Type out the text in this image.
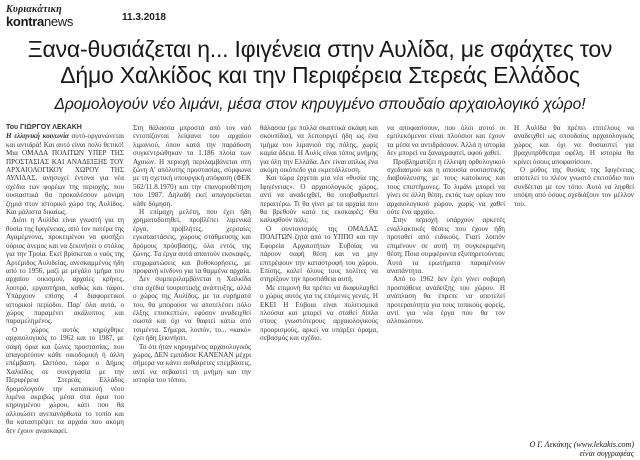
Κυριακάτικη
kontranews	11.3.2018
Ξανα-θυσιάζεται η... Ιφιγένεια στην Αυλίδα, με σφάχτες τον Δήμο Χαλκίδος και την Περιφέρεια Στερεάς Ελλάδος
Δρομολογούν νέο λιμάνι, μέσα στον κηρυγμένο σπουδαίο αρχαιολογικό χώρο!

Του ΓΙΩΡΓΟΥ ΛΕΚΑΚΗ

Η ελληνική κοινωνία αυτό-οργανώνεται και αντιδρά! Και αυτό είναι πολύ θετικό! Μια ΟΜΑΔΑ ΠΟΛΙΤΩΝ ΥΠΕΡ ΤΗΣ ΠΡΟΣΤΑΣΙΑΣ ΚΑΙ ΑΝΑΔΕΙΞΗΣ ΤΟΥ ΑΡΧΑΙΟΛΟΓΙΚΟΥ ΧΩΡΟΥ ΤΗΣ ΑΥΛΙΔΑΣ, ανησυχεί έντονα για νέα σχέδια των φορέων της περιοχής, που ουσιαστικά θα προκαλέσουν μόνιμη ζημιά στον ιστορικό χώρο της Αυλίδος. Και μάλιστα δικαίως.

Διότι η Αυλίδα είναι γνωστή για τη θυσία της Ιφιγένειας, από τον πατέρα της Αγαμέμνονα, προκειμένου να φυσήξει ούριος άνεμος και να ξεκινήσει ο στόλος για την Τροία. Εκεί βρίσκεται ο ναός της Αρτέμιδος Αυλιδείας, ανεσκαμμένος ήδη από το 1956, μαζί με μεγάλο τμήμα του αρχαίου οικισμού, αρχαίες κρήνες, λουτρά, εργαστήρια, καθώς και τάφοι. Υπάρχουν επίσης 4 διαφορετικοί ιστορικοί περίοδοι. Παρ' όλα αυτά, ο χώρος παραμένει ακάλυπτος και παραμελημένος.

Ο χώρος αυτός κηρύχθηκε αρχαιολογικός το 1962 και το 1987, με σαφή όρια και ζώνες προστασίας, που απαγορεύουν κάθε οικοδομική ή άλλη επέμβαση. Ωστόσο, τώρα ο Δήμος Χαλκίδος σε συνεργασία με την Περιφέρεια Στερεάς Ελλάδος δρομολογούν την κατασκευή νέου λιμένα ακριβώς μέσα στα όρια του κηρυγμένου χώρου, κάτι που θα αλλοιώσει ανεπανόρθωτα το τοπίο και θα καταστρέψει τα αρχαία που ακόμη δεν έχουν ανασκαφεί.

Στη θάλασσα μπροστά από τον ναό εντοπίζονται λείψανα του αρχαίου λιμανιού, όπου κατά την παράδοση συγκεντρώθηκαν τα 1.186 πλοία των Αχαιών. Η περιοχή περιλαμβάνεται στη ζώνη Α' απόλυτης προστασίας, σύμφωνα με τη σχετική υπουργική απόφαση (ΦΕΚ 562/11.8.1970) και την επανοριοθέτηση του 1987. Δηλαδή εκεί απαγορεύεται κάθε δόμηση.

Η επίμαχη μελέτη, που έχει ήδη χρηματοδοτηθεί, προβλέπει λιμενικά έργα, προβλήτες, χερσαίες εγκαταστάσεις, χώρους στάθμευσης και δρόμους πρόσβασης, όλα εντός της ζώνης. Τα έργα αυτά απαιτούν εκσκαφές, επιχωματώσεις και βυθοκορήσεις, με προφανή κίνδυνο για τα θαμμένα αρχαία.

Δεν συμπεριλαμβάνεται η Χαλκίδα στα σχέδια τουριστικής ανάπτυξης, αλλά ο χώρος της Αυλίδος, με τα ευρήματά του, θα μπορούσε να αποτελέσει πόλο έλξης επισκεπτών, εφόσον αναδειχθεί σωστά και όχι να θαφτεί κάτω από τσιμέντα. Σήμερα, λοιπόν, το... «κακό» έχει ήδη ξεκινήσει.

Το ότι ήταν κηρυγμένος αρχαιολογικός χώρος, ΔΕΝ εμπόδισε ΚΑΝΕΝΑΝ μέχρι σήμερα να κάνει αυθαίρετες επεμβάσεις, αντί να σεβαστεί τη μνήμη και την ιστορία του τόπου.

θάλασσα (με πολλά σκαπτικά σκάφη και σκουπίδια), να λειτουργεί ήδη ως ένα τμήμα του λιμανιού της πόλης, χωρίς καμία άδεια. Η Αυλίς είναι τόπος μνήμης για όλη την Ελλάδα. Δεν είναι απλώς ένα ακόμη οικόπεδο για εκμετάλλευση.

Και τώρα έρχεται μια νέα «θυσία της Ιφιγένειας». Ο αρχαιολογικός χώρος, αντί να αναδειχθεί, θα υποβαθμιστεί περαιτέρω. Τι θα γίνει με τα αρχαία που θα βρεθούν κατά τις εκσκαφές; Θα καλυφθούν πάλι;

Ο συντονισμός της ΟΜΑΔΑΣ ΠΟΛΙΤΩΝ ζητά από το ΥΠΠΟ και την Εφορεία Αρχαιοτήτων Ευβοίας να πάρουν σαφή θέση και να μην επιτρέψουν την καταστροφή του χώρου. Επίσης, καλεί όλους τους πολίτες να στηρίξουν την προσπάθεια αυτή.

Με επιμονή θα πρέπει να διαφυλαχθεί ο χώρος αυτός για τις επόμενες γενιές. Η ΕΚΕΙ Η Εύβοια είναι πολιτισμικά πλούσια και μπορεί να σταθεί δίπλα στους γνωστότερους αρχαιολογικούς προορισμούς, αρκεί να υπάρξει όραμα, σεβασμός και σχέδιο.

να αποφασίσουν, που όλοι αυτοί οι εμπλεκόμενοι είναι πλούσιοι και έχουν τα μέσα να αντιδράσουν. Αλλά η ιστορία δεν μπορεί να ξαναγραφτεί, αφού χαθεί.

Προβληματίζει η έλλειψη ορθολογικού σχεδιασμού και η απουσία ουσιαστικής διαβούλευσης με τους κατοίκους και τους επιστήμονες. Το λιμάνι μπορεί να γίνει σε άλλη θέση, εκτός των ορίων του αρχαιολογικού χώρου, χωρίς να χαθεί ούτε ένα αρχαίο.

Στην περιοχή υπάρχουν αρκετές εναλλακτικές θέσεις που έχουν ήδη προταθεί από ειδικούς. Γιατί λοιπόν επιμένουν σε αυτή τη συγκεκριμένη θέση; Ποια συμφέροντα εξυπηρετούνται; Αυτά τα ερωτήματα παραμένουν αναπάντητα.

Από το 1962 δεν έχει γίνει σοβαρή προσπάθεια ανάδειξης του χώρου. Η ανάπλαση θα έπρεπε να αποτελεί προτεραιότητα για τους τοπικούς φορείς, αντί για νέα έργα που θα τον αλλοιώσουν.

Η Αυλίδα θα πρέπει επιτέλους να αναδειχθεί ως σπουδαίος αρχαιολογικός χώρος και όχι να θυσιαστεί για βραχυπρόθεσμα οφέλη. Η ιστορία θα κρίνει όσους αποφασίσουν.

Ο μύθος της θυσίας της Ιφιγένειας αποτελεί το πλέον γνωστό επεισόδιο που συνδέεται με τον τόπο. Αυτό να ληφθεί υπόψη από όσους σχεδιάζουν τον μέλλον του.

Ο Γ. Λεκάκης (www.lekakis.com)
είναι συγγραφέας
